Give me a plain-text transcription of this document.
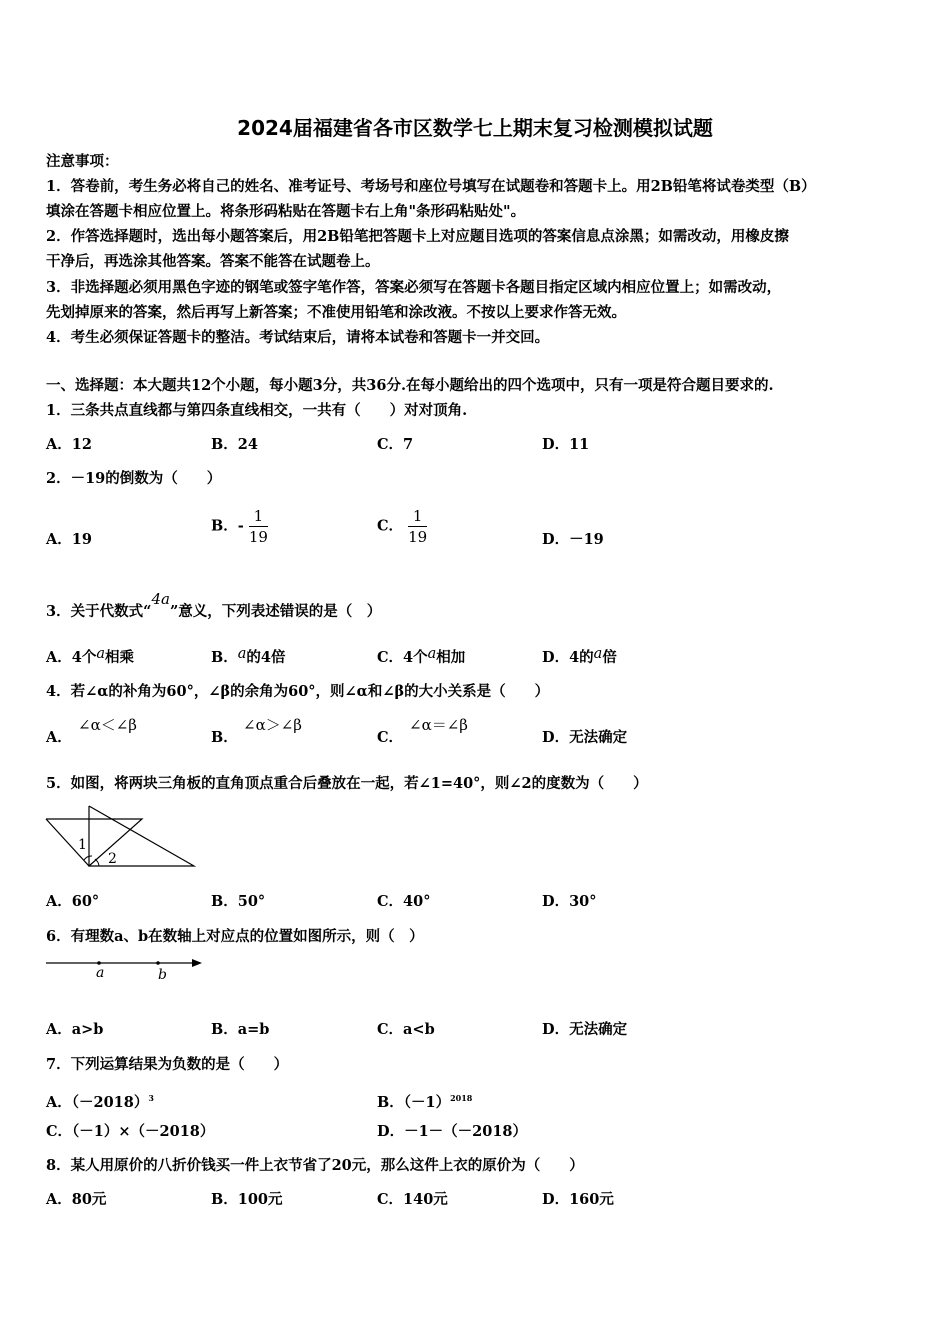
2024届福建省各市区数学七上期末复习检测模拟试题
注意事项：
1．答卷前，考生务必将自己的姓名、准考证号、考场号和座位号填写在试题卷和答题卡上。用2B铅笔将试卷类型（B）
填涂在答题卡相应位置上。将条形码粘贴在答题卡右上角"条形码粘贴处"。
2．作答选择题时，选出每小题答案后，用2B铅笔把答题卡上对应题目选项的答案信息点涂黑；如需改动，用橡皮擦
干净后，再选涂其他答案。答案不能答在试题卷上。
3．非选择题必须用黑色字迹的钢笔或签字笔作答，答案必须写在答题卡各题目指定区域内相应位置上；如需改动，
先划掉原来的答案，然后再写上新答案；不准使用铅笔和涂改液。不按以上要求作答无效。
4．考生必须保证答题卡的整洁。考试结束后，请将本试卷和答题卡一并交回。
一、选择题：本大题共12个小题，每小题3分，共36分.在每小题给出的四个选项中，只有一项是符合题目要求的.
1．三条共点直线都与第四条直线相交，一共有（　　）对对顶角.
A．12	B．24	C．7	D．11
2．－19的倒数为（　　）
A．19
B．- $\frac{1}{19}$	C． $\frac{1}{19}$	D．－19
3．关于代数式“4a”意义，下列表述错误的是（　）
A．4个a相乘	B．a的4倍	C．4个a相加	D．4的a倍
4．若∠α的补角为60°，∠β的余角为60°，则∠α和∠β的大小关系是（　　）
A．
∠α＜∠β
B．
∠α＞∠β
C．
∠α＝∠β
D．无法确定
5．如图，将两块三角板的直角顶点重合后叠放在一起，若∠1=40°，则∠2的度数为（　　）
1
2
A．60°	B．50°	C．40°	D．30°
6．有理数a、b在数轴上对应点的位置如图所示，则（　）
a	b
A．a>b	B．a=b	C．a<b	D．无法确定
7．下列运算结果为负数的是（　　）
A．$(-2018)^3$	B．$(-1)^{2018}$
C．（－1）×（－2018）	D．－1－（－2018）
8．某人用原价的八折价钱买一件上衣节省了20元，那么这件上衣的原价为（　　）
A．80元	B．100元	C．140元	D．160元
